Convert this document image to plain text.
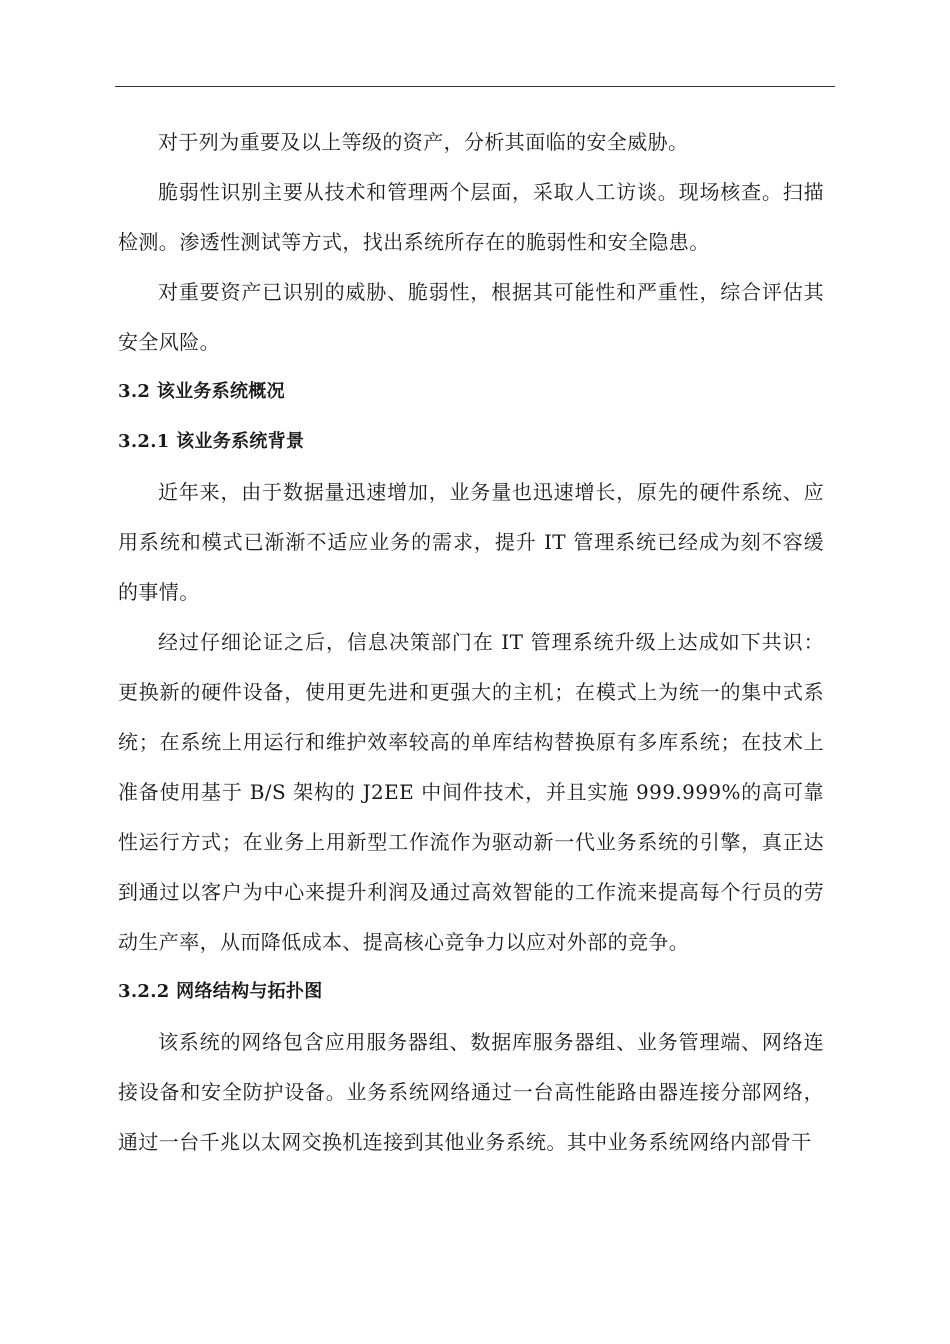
对于列为重要及以上等级的资产，分析其面临的安全威胁。

脆弱性识别主要从技术和管理两个层面，采取人工访谈。现场核查。扫描检测。渗透性测试等方式，找出系统所存在的脆弱性和安全隐患。

对重要资产已识别的威胁、脆弱性，根据其可能性和严重性，综合评估其安全风险。

3.2 该业务系统概况
3.2.1 该业务系统背景

近年来，由于数据量迅速增加，业务量也迅速增长，原先的硬件系统、应用系统和模式已渐渐不适应业务的需求，提升 IT 管理系统已经成为刻不容缓的事情。

经过仔细论证之后，信息决策部门在 IT 管理系统升级上达成如下共识：更换新的硬件设备，使用更先进和更强大的主机；在模式上为统一的集中式系统；在系统上用运行和维护效率较高的单库结构替换原有多库系统；在技术上准备使用基于 B/S 架构的 J2EE 中间件技术，并且实施 999.999%的高可靠性运行方式；在业务上用新型工作流作为驱动新一代业务系统的引擎，真正达到通过以客户为中心来提升利润及通过高效智能的工作流来提高每个行员的劳动生产率，从而降低成本、提高核心竞争力以应对外部的竞争。

3.2.2 网络结构与拓扑图

该系统的网络包含应用服务器组、数据库服务器组、业务管理端、网络连接设备和安全防护设备。业务系统网络通过一台高性能路由器连接分部网络，通过一台千兆以太网交换机连接到其他业务系统。其中业务系统网络内部骨干
